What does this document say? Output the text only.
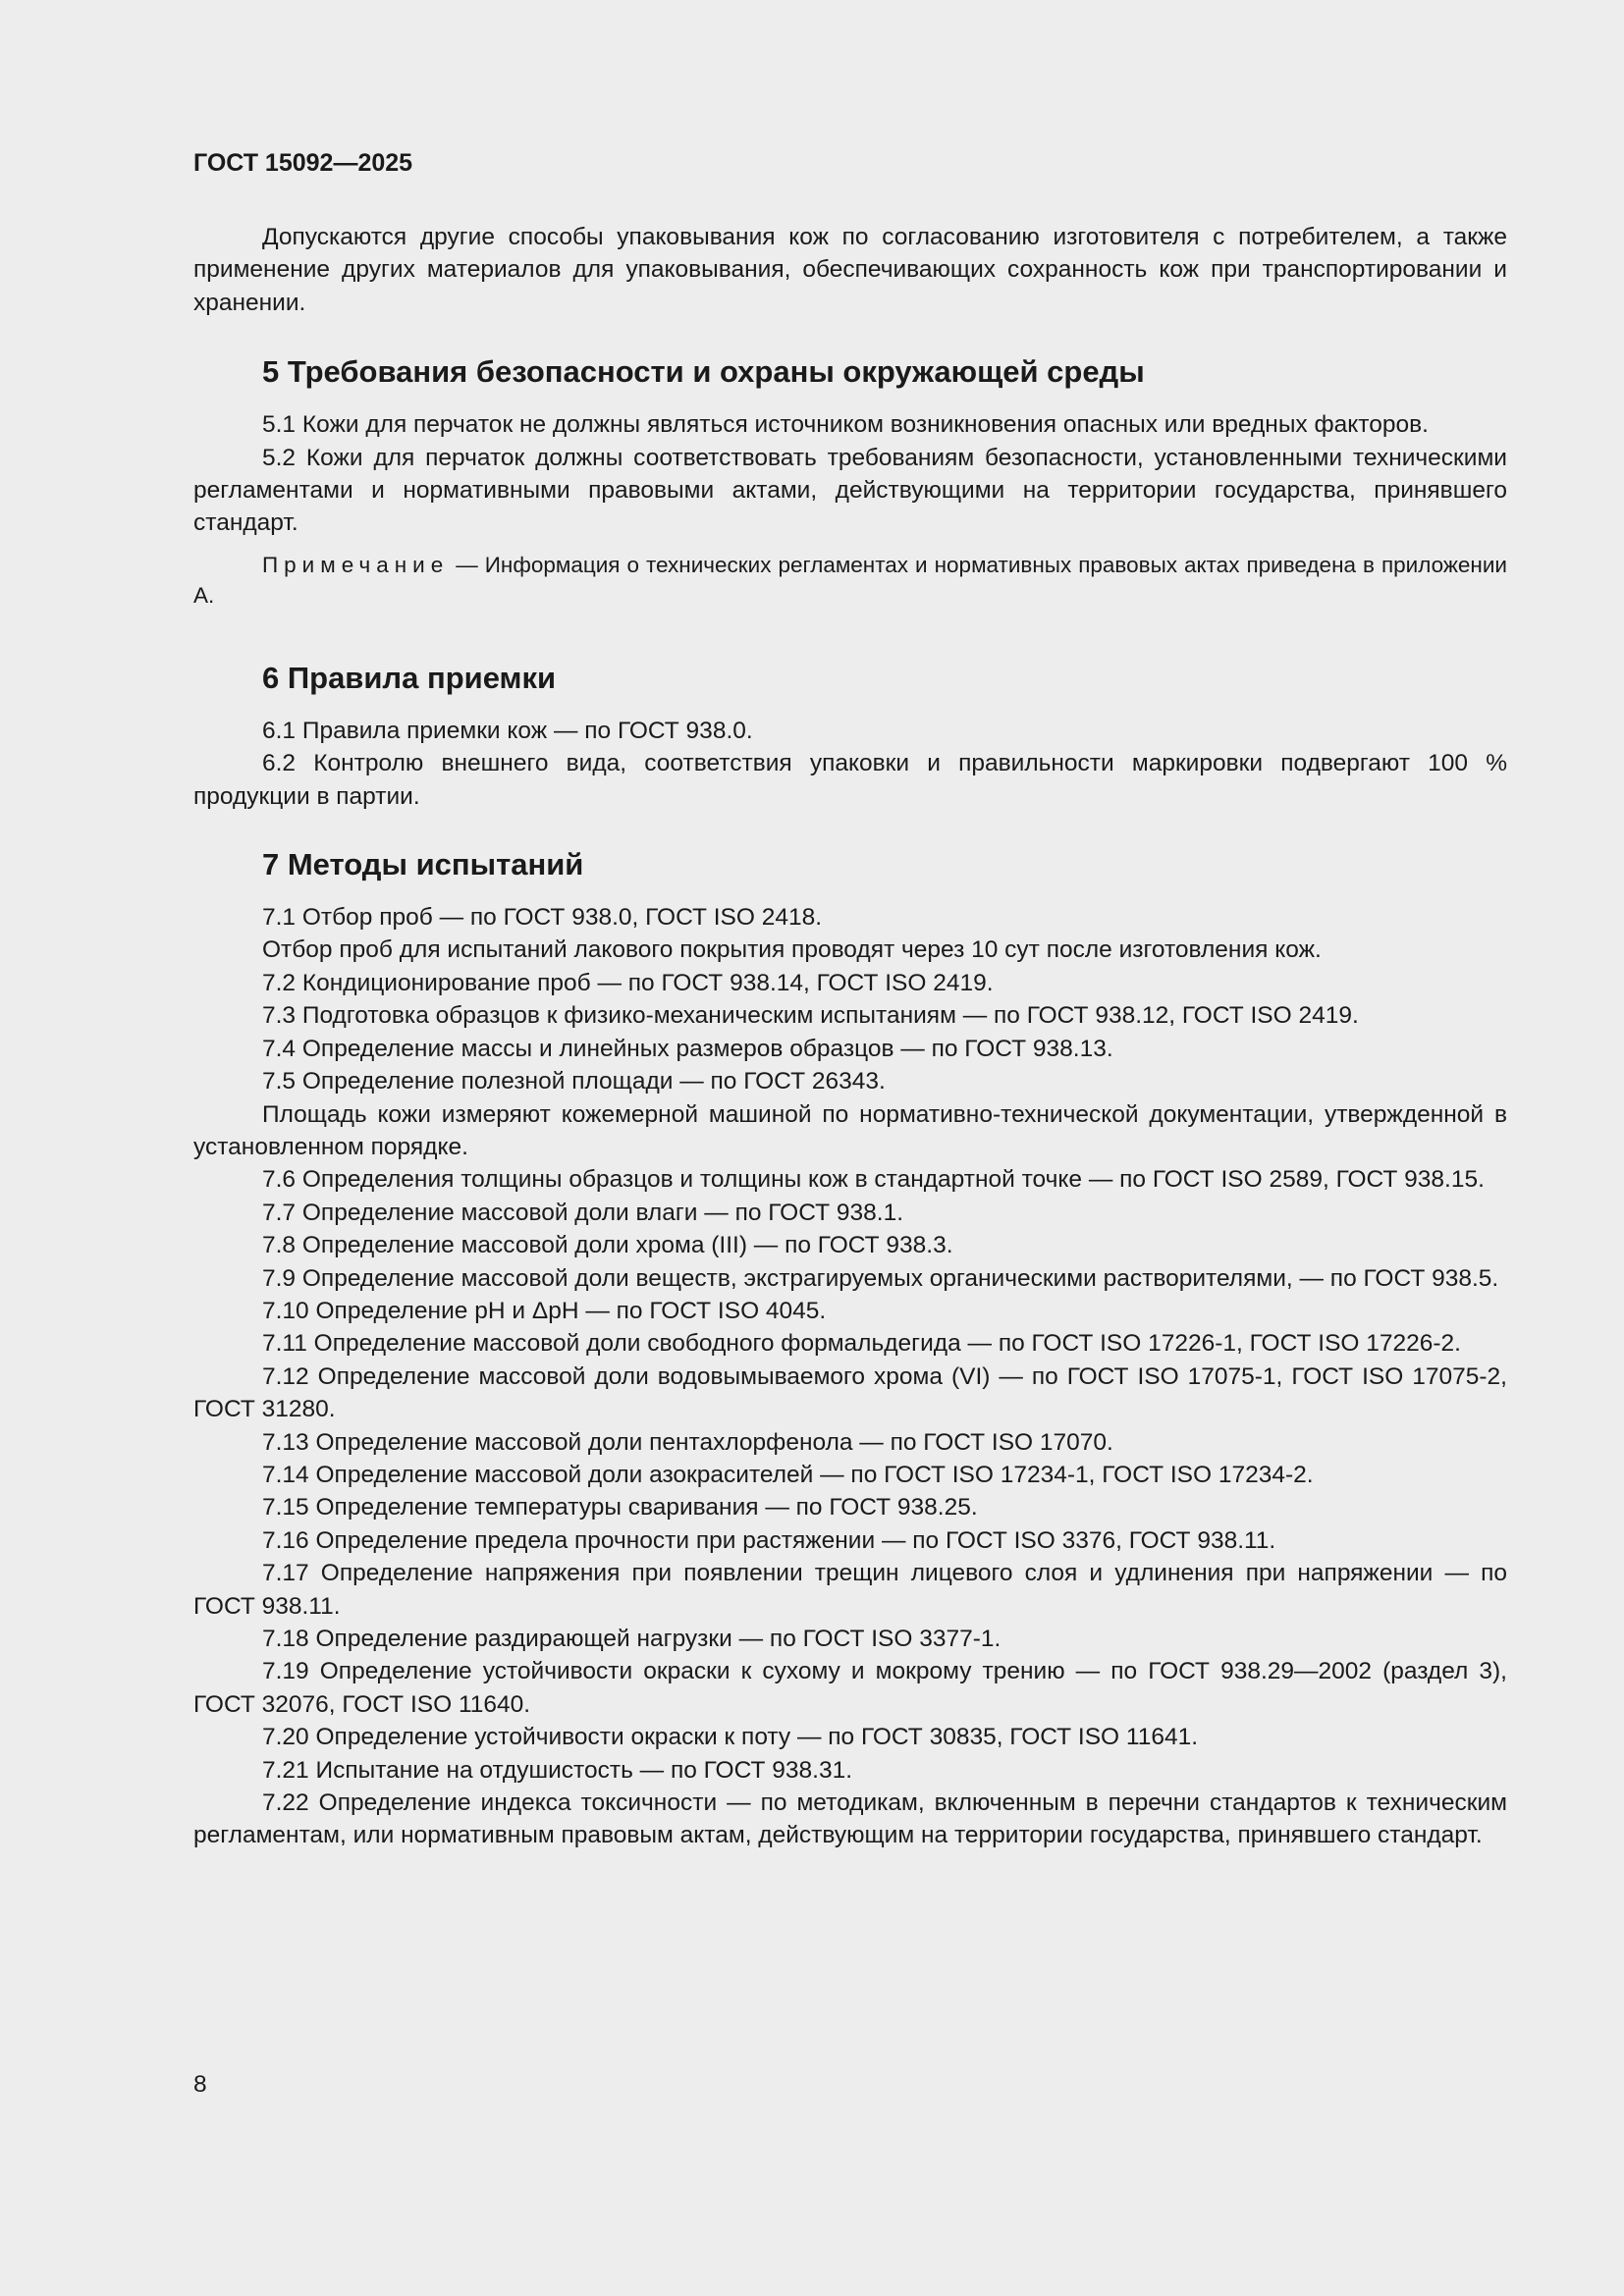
ГОСТ 15092—2025

Допускаются другие способы упаковывания кож по согласованию изготовителя с потребителем, а также применение других материалов для упаковывания, обеспечивающих сохранность кож при транспортировании и хранении.

5 Требования безопасности и охраны окружающей среды

5.1 Кожи для перчаток не должны являться источником возникновения опасных или вредных факторов.

5.2 Кожи для перчаток должны соответствовать требованиям безопасности, установленными техническими регламентами и нормативными правовыми актами, действующими на территории государства, принявшего стандарт.

Примечание — Информация о технических регламентах и нормативных правовых актах приведена в приложении А.

6 Правила приемки

6.1 Правила приемки кож — по ГОСТ 938.0.

6.2 Контролю внешнего вида, соответствия упаковки и правильности маркировки подвергают 100 % продукции в партии.

7 Методы испытаний

7.1 Отбор проб — по ГОСТ 938.0, ГОСТ ISO 2418.

Отбор проб для испытаний лакового покрытия проводят через 10 сут после изготовления кож.

7.2 Кондиционирование проб — по ГОСТ 938.14, ГОСТ ISO 2419.

7.3 Подготовка образцов к физико-механическим испытаниям — по ГОСТ 938.12, ГОСТ ISO 2419.

7.4 Определение массы и линейных размеров образцов — по ГОСТ 938.13.

7.5 Определение полезной площади — по ГОСТ 26343.

Площадь кожи измеряют кожемерной машиной по нормативно-технической документации, утвержденной в установленном порядке.

7.6 Определения толщины образцов и толщины кож в стандартной точке — по ГОСТ ISO 2589, ГОСТ 938.15.

7.7 Определение массовой доли влаги — по ГОСТ 938.1.

7.8 Определение массовой доли хрома (III) — по ГОСТ 938.3.

7.9 Определение массовой доли веществ, экстрагируемых органическими растворителями, — по ГОСТ 938.5.

7.10 Определение pH и ΔpH — по ГОСТ ISO 4045.

7.11 Определение массовой доли свободного формальдегида — по ГОСТ ISO 17226-1, ГОСТ ISO 17226-2.

7.12 Определение массовой доли водовымываемого хрома (VI) — по ГОСТ ISO 17075-1, ГОСТ ISO 17075-2, ГОСТ 31280.

7.13 Определение массовой доли пентахлорфенола — по ГОСТ ISO 17070.

7.14 Определение массовой доли азокрасителей — по ГОСТ ISO 17234-1, ГОСТ ISO 17234-2.

7.15 Определение температуры сваривания — по ГОСТ 938.25.

7.16 Определение предела прочности при растяжении — по ГОСТ ISO 3376, ГОСТ 938.11.

7.17 Определение напряжения при появлении трещин лицевого слоя и удлинения при напряжении — по ГОСТ 938.11.

7.18 Определение раздирающей нагрузки — по ГОСТ ISO 3377-1.

7.19 Определение устойчивости окраски к сухому и мокрому трению — по ГОСТ 938.29—2002 (раздел 3), ГОСТ 32076, ГОСТ ISO 11640.

7.20 Определение устойчивости окраски к поту — по ГОСТ 30835, ГОСТ ISO 11641.

7.21 Испытание на отдушистость — по ГОСТ 938.31.

7.22 Определение индекса токсичности — по методикам, включенным в перечни стандартов к техническим регламентам, или нормативным правовым актам, действующим на территории государства, принявшего стандарт.

8
